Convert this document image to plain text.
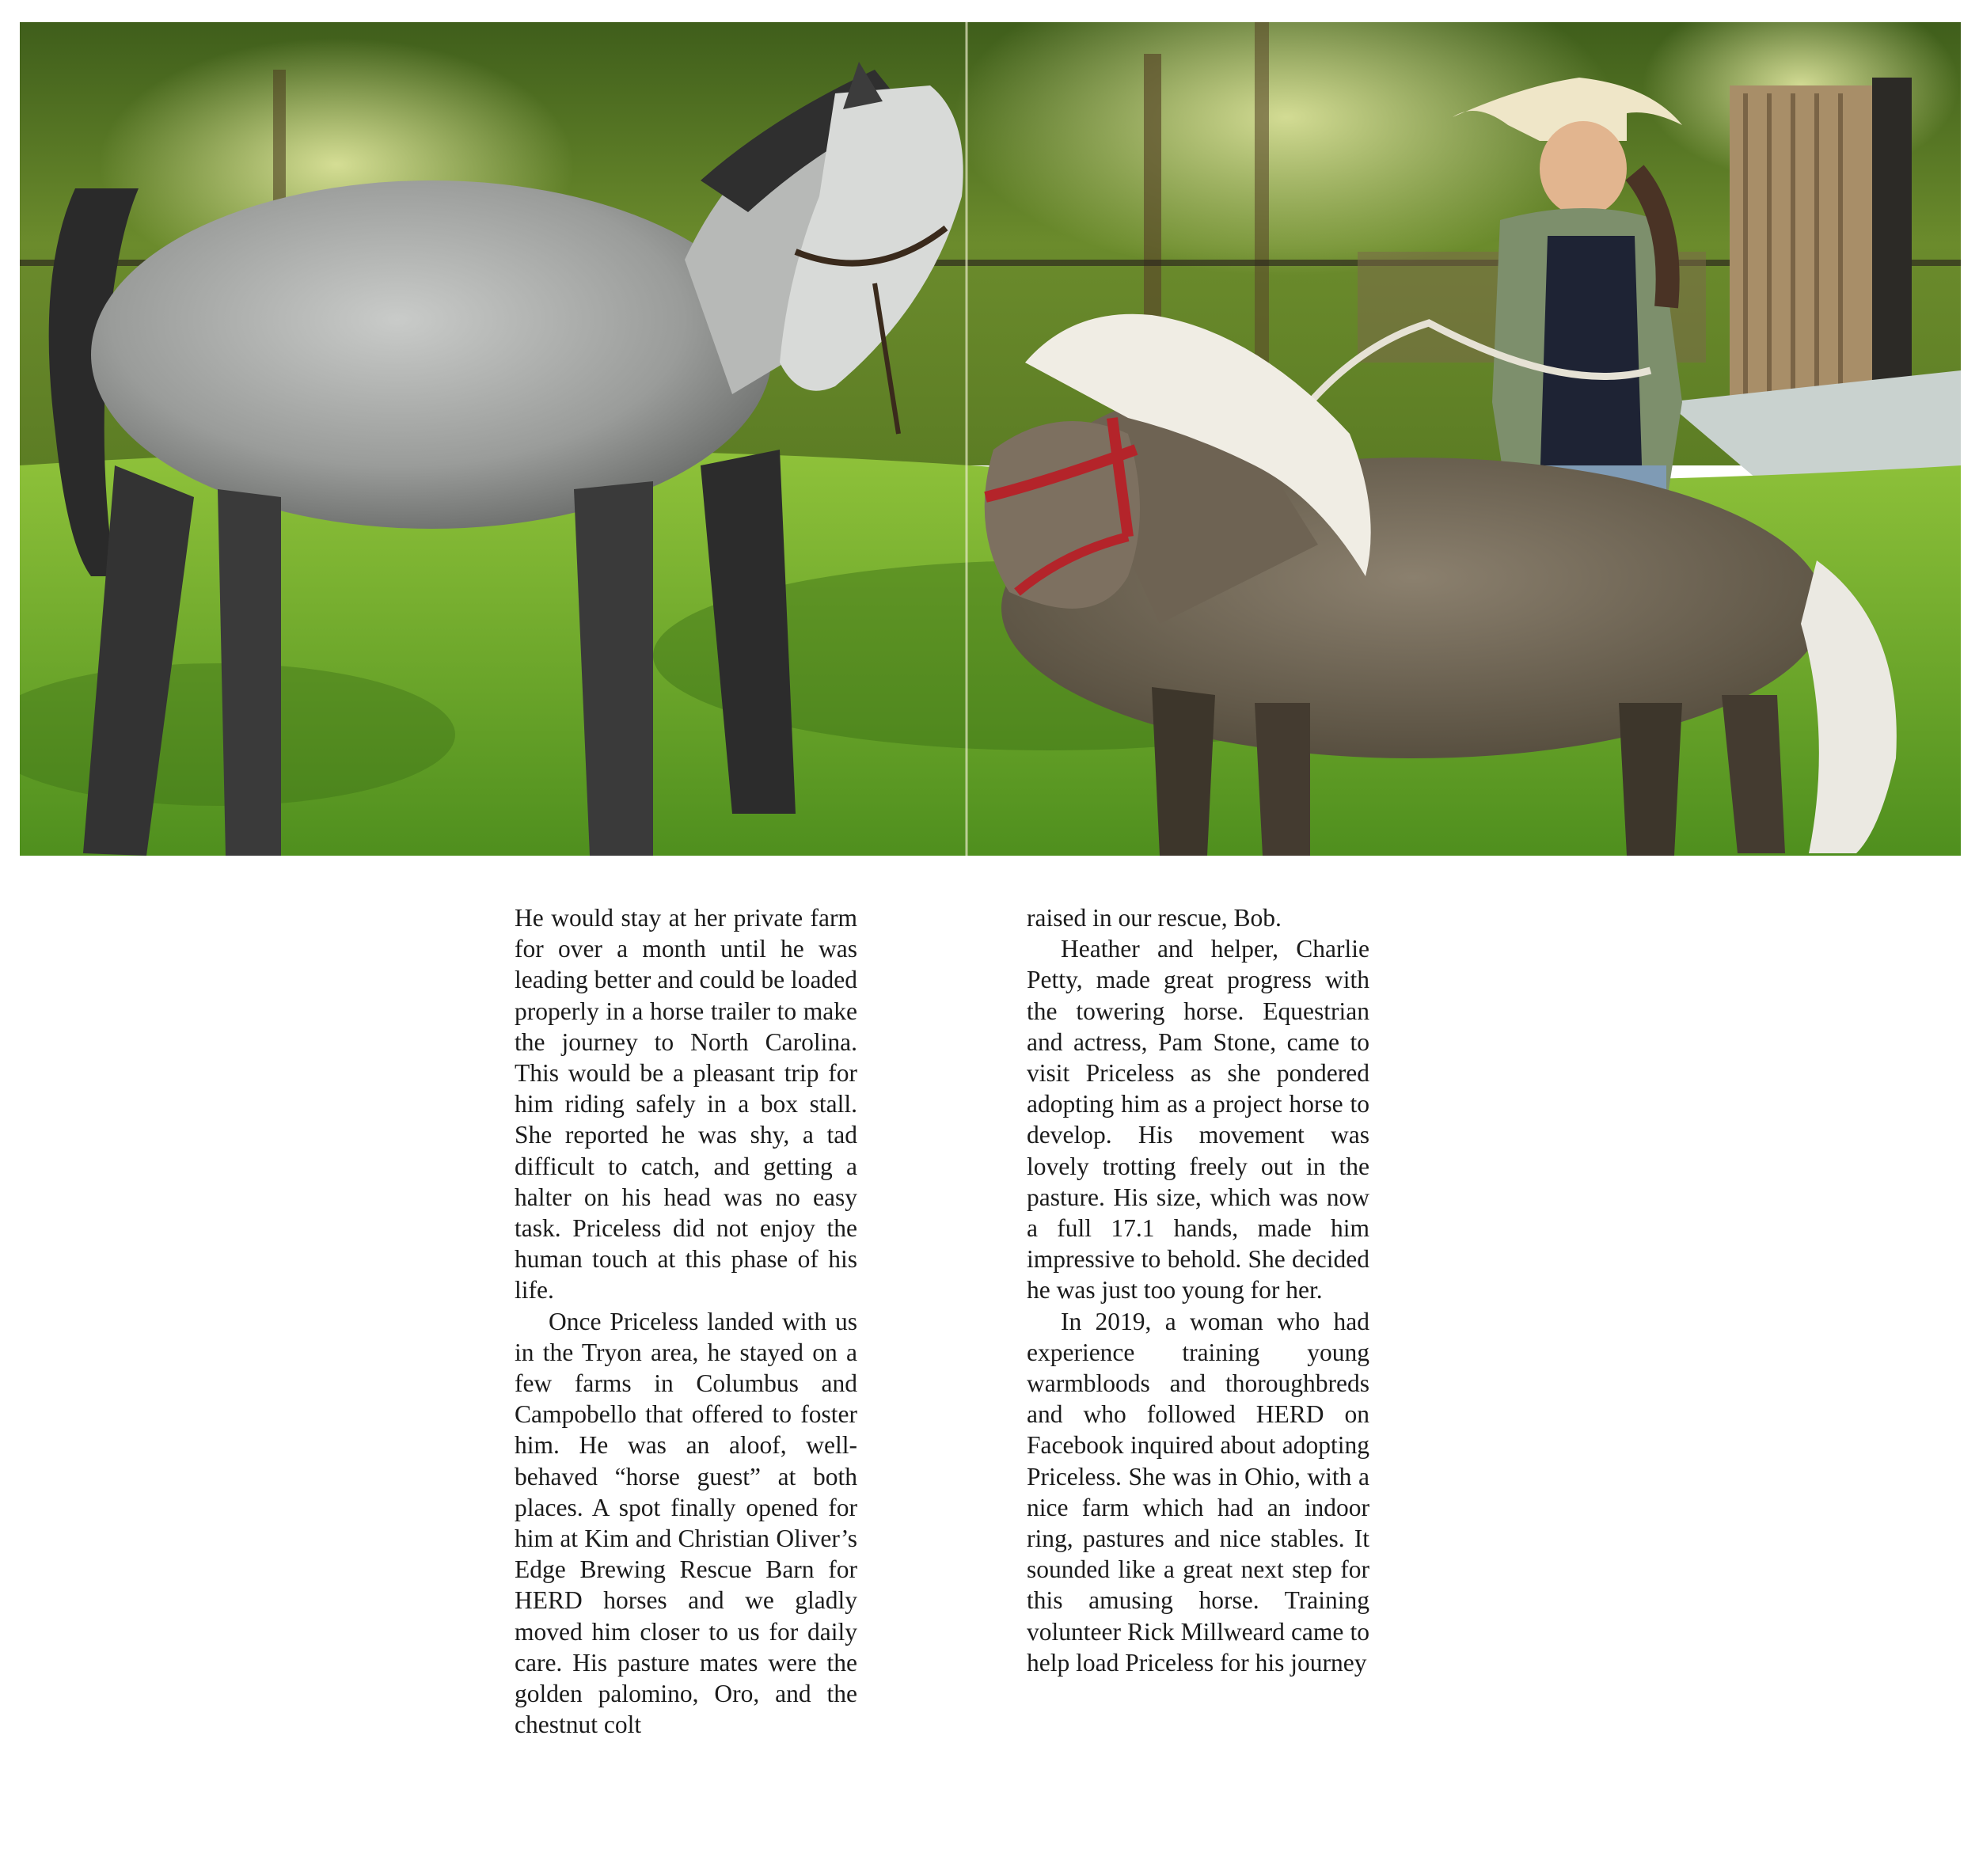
He would stay at her private farm for over a month until he was leading better and could be loaded properly in a horse trailer to make the journey to North Carolina. This would be a pleasant trip for him riding safely in a box stall. She reported he was shy, a tad difficult to catch, and getting a halter on his head was no easy task. Priceless did not enjoy the human touch at this phase of his life.

Once Priceless landed with us in the Tryon area, he stayed on a few farms in Columbus and Campobello that offered to foster him. He was an aloof, well-behaved “horse guest” at both places. A spot finally opened for him at Kim and Christian Oliver’s Edge Brewing Rescue Barn for HERD horses and we gladly moved him closer to us for daily care. His pasture mates were the golden palomino, Oro, and the chestnut colt

raised in our rescue, Bob.

Heather and helper, Charlie Petty, made great progress with the towering horse. Equestrian and actress, Pam Stone, came to visit Priceless as she pondered adopting him as a project horse to develop. His movement was lovely trotting freely out in the pasture. His size, which was now a full 17.1 hands, made him impressive to behold. She decided he was just too young for her.

In 2019, a woman who had experience training young warmbloods and thoroughbreds and who followed HERD on Facebook inquired about adopting Priceless. She was in Ohio, with a nice farm which had an indoor ring, pastures and nice stables. It sounded like a great next step for this amusing horse. Training volunteer Rick Millweard came to help load Priceless for his journey
